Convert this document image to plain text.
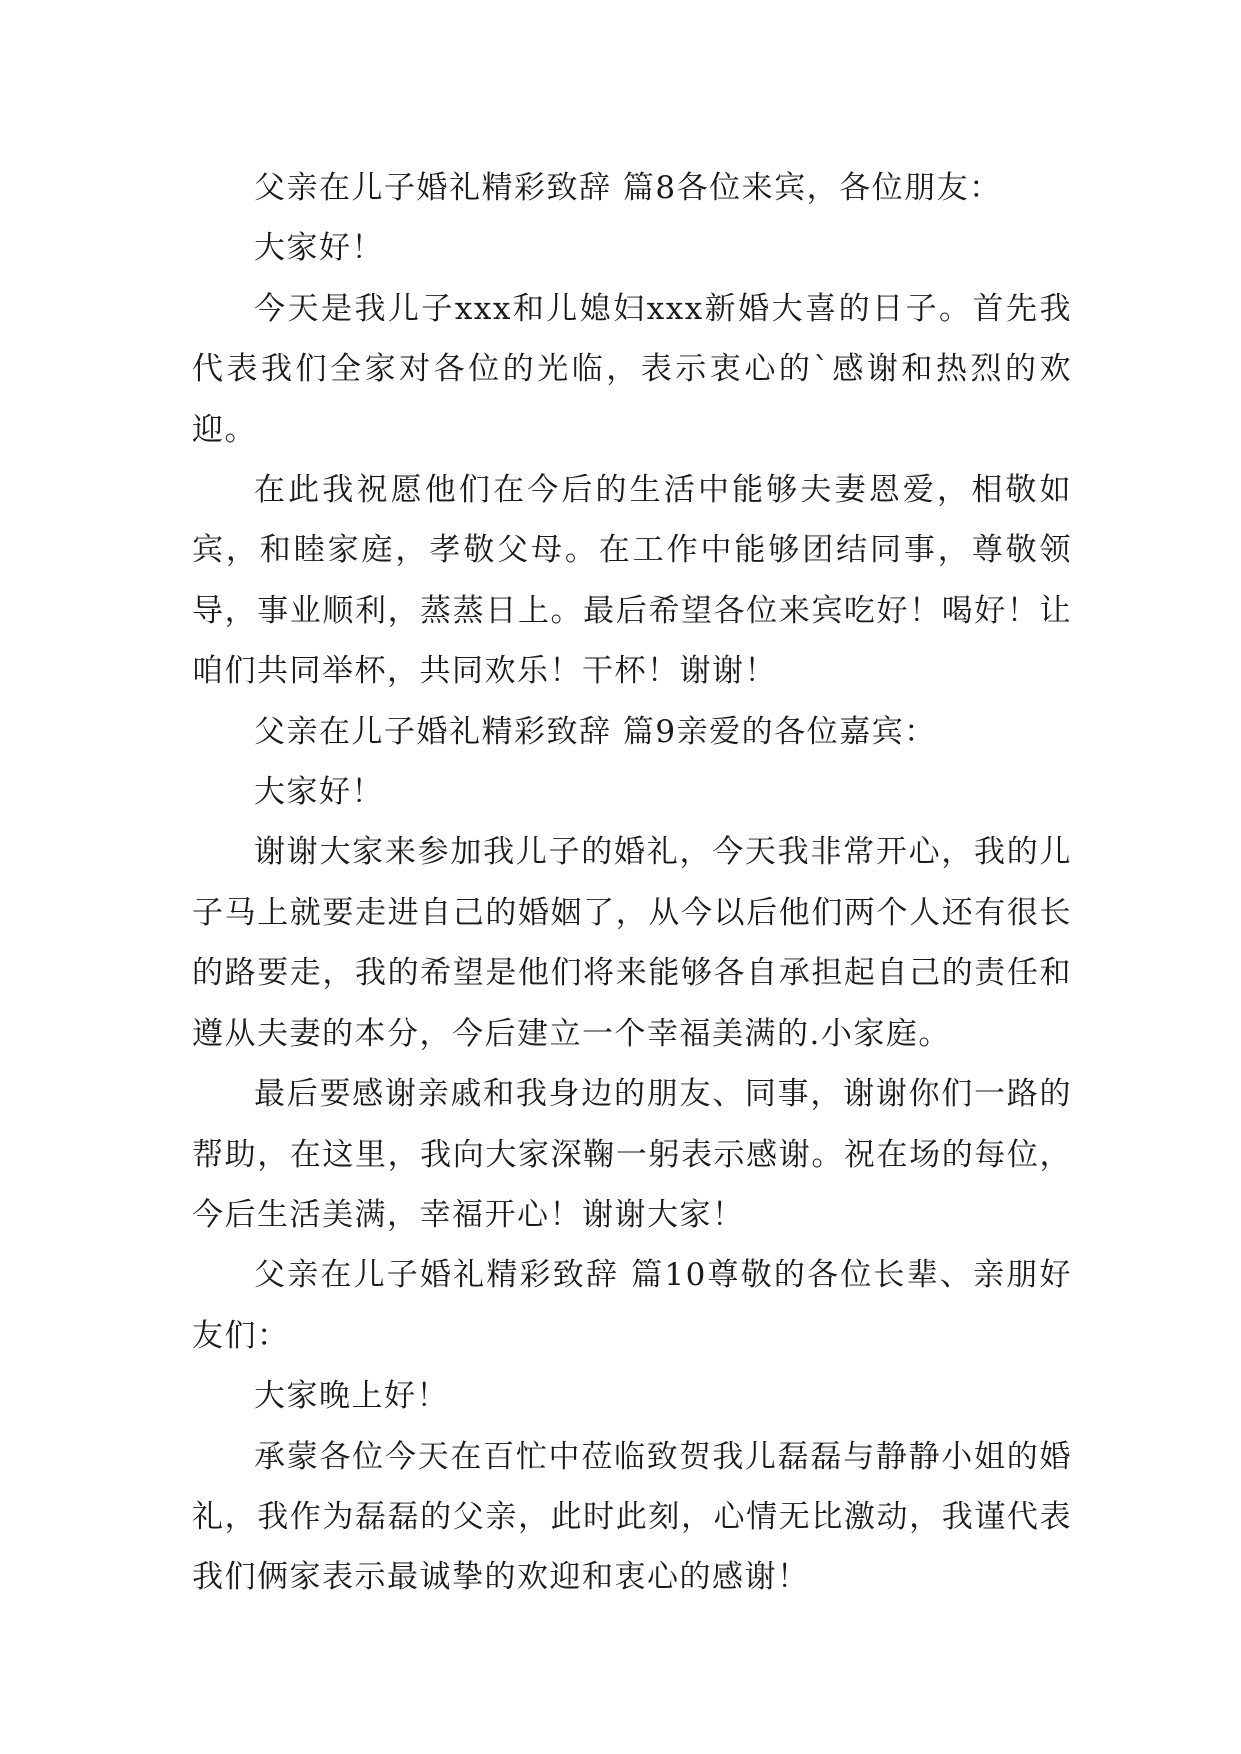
父亲在儿子婚礼精彩致辞 篇8各位来宾，各位朋友：

大家好！

今天是我儿子xxx和儿媳妇xxx新婚大喜的日子。首先我代表我们全家对各位的光临，表示衷心的`感谢和热烈的欢迎。

在此我祝愿他们在今后的生活中能够夫妻恩爱，相敬如宾，和睦家庭，孝敬父母。在工作中能够团结同事，尊敬领导，事业顺利，蒸蒸日上。最后希望各位来宾吃好！喝好！让咱们共同举杯，共同欢乐！干杯！谢谢！

父亲在儿子婚礼精彩致辞 篇9亲爱的各位嘉宾：

大家好！

谢谢大家来参加我儿子的婚礼，今天我非常开心，我的儿子马上就要走进自己的婚姻了，从今以后他们两个人还有很长的路要走，我的希望是他们将来能够各自承担起自己的责任和遵从夫妻的本分，今后建立一个幸福美满的.小家庭。

最后要感谢亲戚和我身边的朋友、同事，谢谢你们一路的帮助，在这里，我向大家深鞠一躬表示感谢。祝在场的每位，今后生活美满，幸福开心！谢谢大家！

父亲在儿子婚礼精彩致辞 篇10尊敬的各位长辈、亲朋好友们：

大家晚上好！

承蒙各位今天在百忙中莅临致贺我儿磊磊与静静小姐的婚礼，我作为磊磊的父亲，此时此刻，心情无比激动，我谨代表我们俩家表示最诚挚的欢迎和衷心的感谢！
